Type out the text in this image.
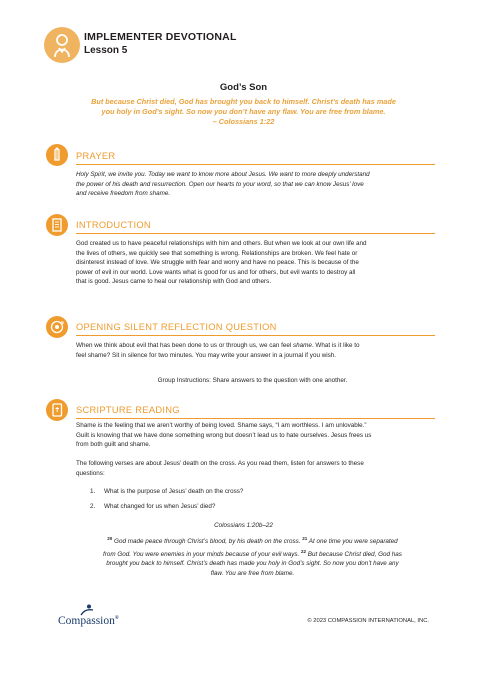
IMPLEMENTER DEVOTIONAL
Lesson 5
God’s Son
But because Christ died, God has brought you back to himself. Christ’s death has made
you holy in God’s sight. So now you don’t have any flaw. You are free from blame.
– Colossians 1:22
PRAYER
Holy Spirit, we invite you. Today we want to know more about Jesus. We want to more deeply understand
the power of his death and resurrection. Open our hearts to your word, so that we can know Jesus’ love
and receive freedom from shame.
INTRODUCTION
God created us to have peaceful relationships with him and others. But when we look at our own life and
the lives of others, we quickly see that something is wrong. Relationships are broken. We feel hate or
disinterest instead of love. We struggle with fear and worry and have no peace. This is because of the
power of evil in our world. Love wants what is good for us and for others, but evil wants to destroy all
that is good. Jesus came to heal our relationship with God and others.
OPENING SILENT REFLECTION QUESTION
When we think about evil that has been done to us or through us, we can feel shame. What is it like to
feel shame? Sit in silence for two minutes. You may write your answer in a journal if you wish.
Group Instructions: Share answers to the question with one another.
SCRIPTURE READING
Shame is the feeling that we aren’t worthy of being loved. Shame says, “I am worthless. I am unlovable.”
Guilt is knowing that we have done something wrong but doesn’t lead us to hate ourselves. Jesus frees us
from both guilt and shame.
The following verses are about Jesus’ death on the cross. As you read them, listen for answers to these
questions:
1. What is the purpose of Jesus’ death on the cross?
2. What changed for us when Jesus’ died?
Colossians 1:20b–22
$^{20}$ God made peace through Christ’s blood, by his death on the cross. $^{21}$ At one time you were separated
from God. You were enemies in your minds because of your evil ways. $^{22}$ But because Christ died, God has
brought you back to himself. Christ’s death has made you holy in God’s sight. So now you don’t have any
flaw. You are free from blame.
Compassion®	© 2023 COMPASSION INTERNATIONAL, INC.
